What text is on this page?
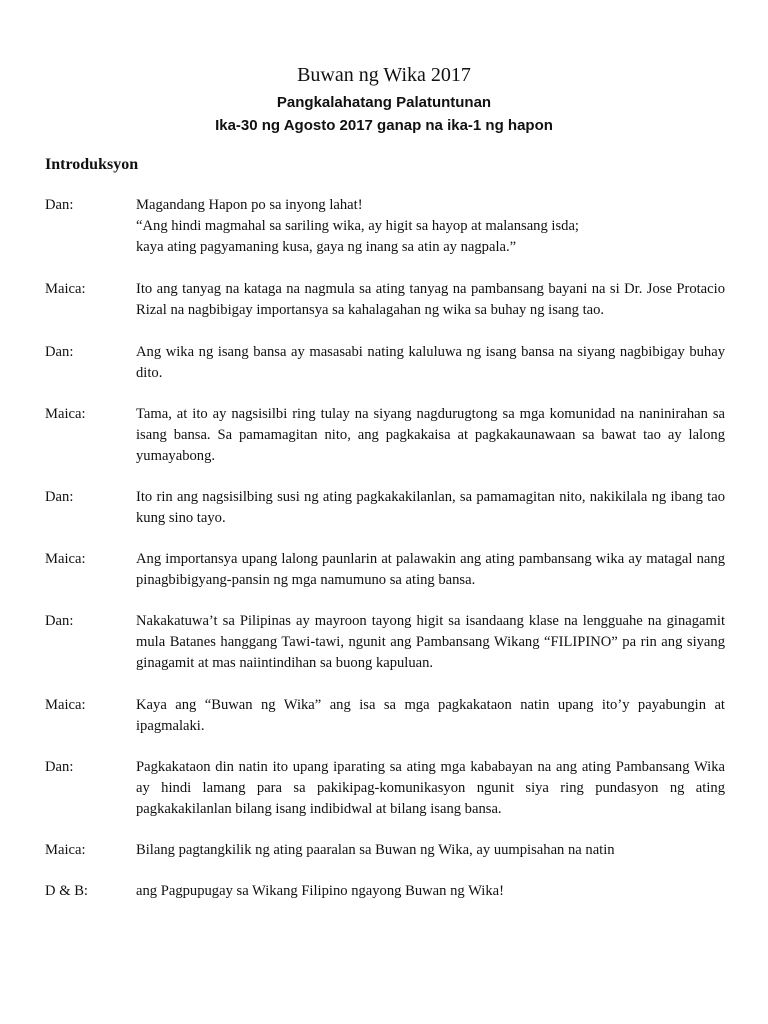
Buwan ng Wika 2017
Pangkalahatang Palatuntunan
Ika-30 ng Agosto 2017 ganap na ika-1 ng hapon
Introduksyon
Dan:	Magandang Hapon po sa inyong lahat!
“Ang hindi magmahal sa sariling wika, ay higit sa hayop at malansang isda;
kaya ating pagyamaning kusa, gaya ng inang sa atin ay nagpala.”
Maica:	Ito ang tanyag na kataga na nagmula sa ating tanyag na pambansang bayani na si Dr. Jose Protacio Rizal na nagbibigay importansya sa kahalagahan ng wika sa buhay ng isang tao.
Dan:	Ang wika ng isang bansa ay masasabi nating kaluluwa ng isang bansa na siyang nagbibigay buhay dito.
Maica:	Tama, at ito ay nagsisilbi ring tulay na siyang nagdurugtong sa mga komunidad na naninirahan sa isang bansa. Sa pamamagitan nito, ang pagkakaisa at pagkakaunawaan sa bawat tao ay lalong yumayabong.
Dan:	Ito rin ang nagsisilbing susi ng ating pagkakakilanlan, sa pamamagitan nito, nakikilala ng ibang tao kung sino tayo.
Maica:	Ang importansya upang lalong paunlarin at palawakin ang ating pambansang wika ay matagal nang pinagbibigyang-pansin ng mga namumuno sa ating bansa.
Dan:	Nakakatuwa’t sa Pilipinas ay mayroon tayong higit sa isandaang klase na lengguahe na ginagamit mula Batanes hanggang Tawi-tawi, ngunit ang Pambansang Wikang “FILIPINO” pa rin ang siyang ginagamit at mas naiintindihan sa buong kapuluan.
Maica:	Kaya ang “Buwan ng Wika” ang isa sa mga pagkakataon natin upang ito’y payabungin at ipagmalaki.
Dan:	Pagkakataon din natin ito upang iparating sa ating mga kababayan na ang ating Pambansang Wika ay hindi lamang para sa pakikipag-komunikasyon ngunit siya ring pundasyon ng ating pagkakakilanlan bilang isang indibidwal at bilang isang bansa.
Maica:	Bilang pagtangkilik ng ating paaralan sa Buwan ng Wika, ay uumpisahan na natin
D & B:	ang Pagpupugay sa Wikang Filipino ngayong Buwan ng Wika!
